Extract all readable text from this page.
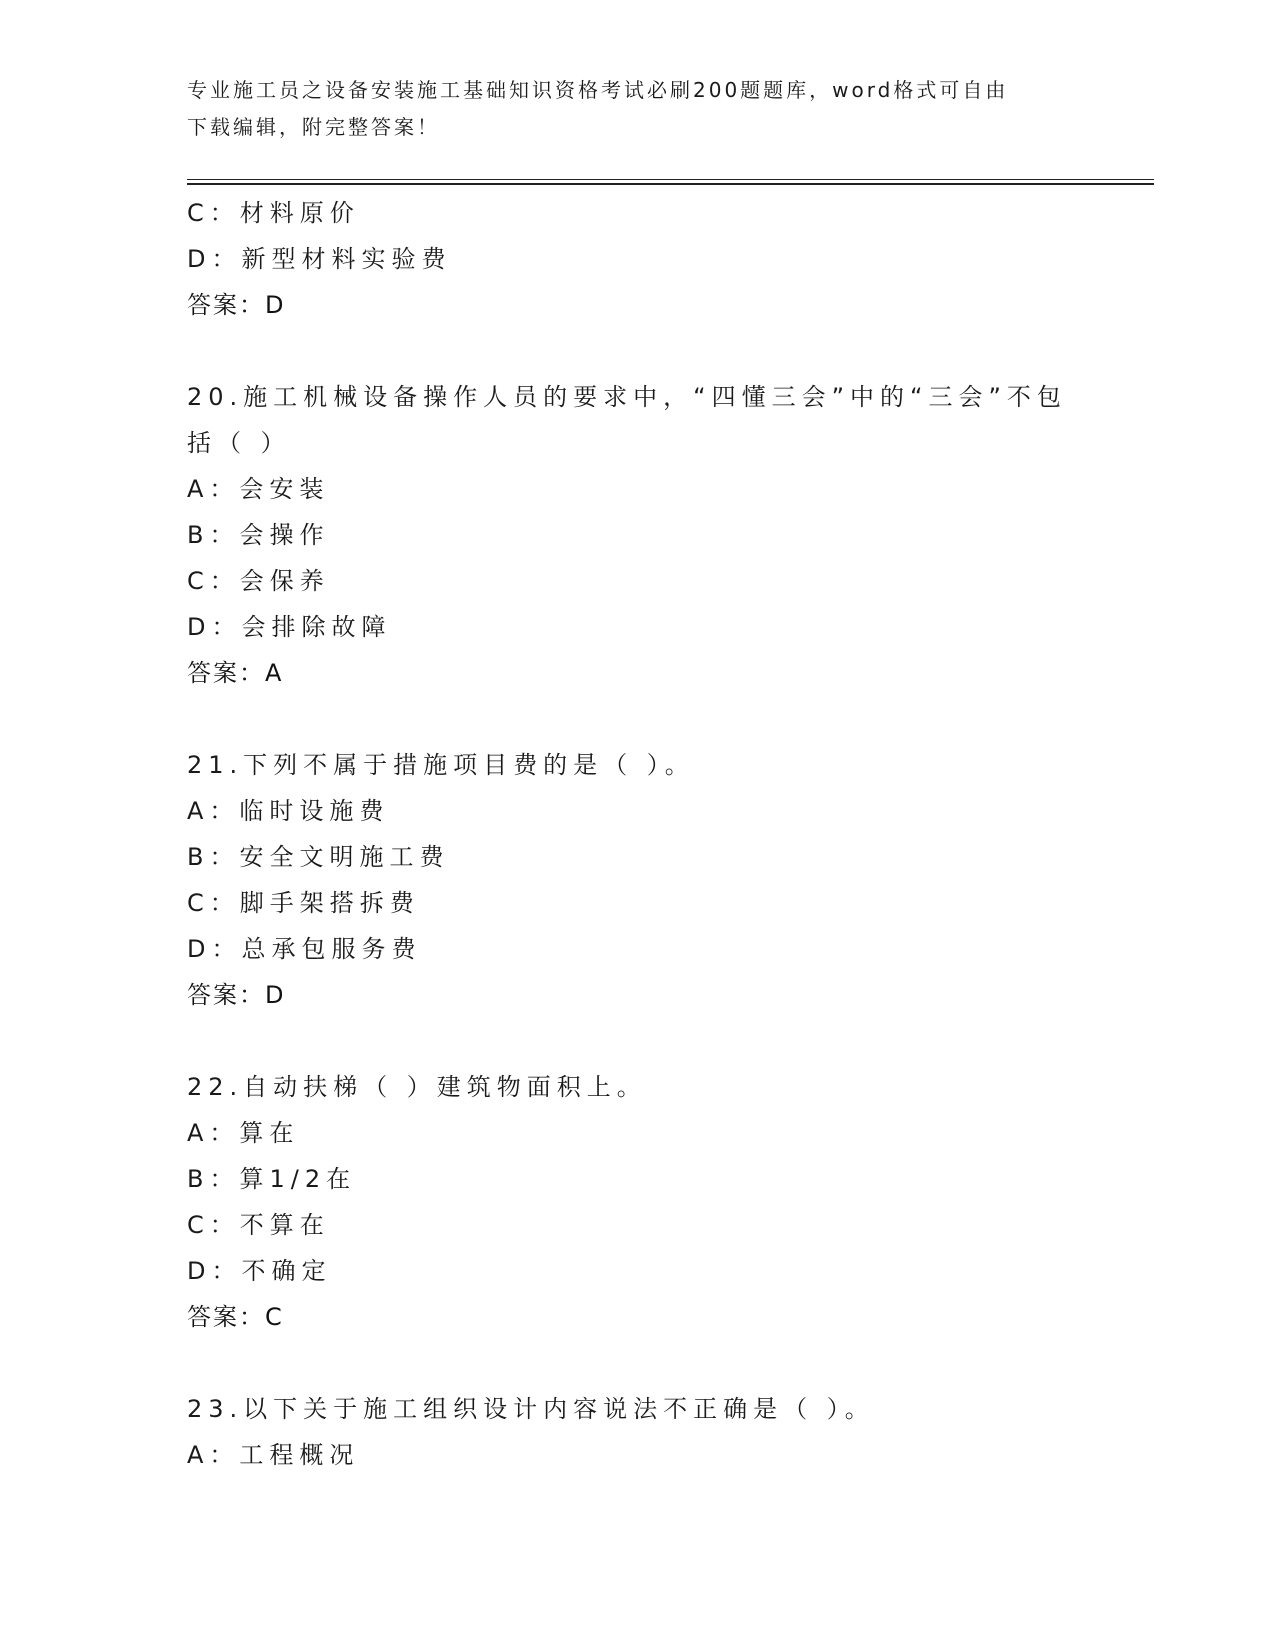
专业施工员之设备安装施工基础知识资格考试必刷200题题库，word格式可自由
下载编辑，附完整答案！
C：材料原价
D：新型材料实验费
答案：D
20.施工机械设备操作人员的要求中，“四懂三会”中的“三会”不包
括（ ）
A：会安装
B：会操作
C：会保养
D：会排除故障
答案：A
21.下列不属于措施项目费的是（ ）。
A：临时设施费
B：安全文明施工费
C：脚手架搭拆费
D：总承包服务费
答案：D
22.自动扶梯（ ）建筑物面积上。
A：算在
B：算1/2在
C：不算在
D：不确定
答案：C
23.以下关于施工组织设计内容说法不正确是（ ）。
A：工程概况
